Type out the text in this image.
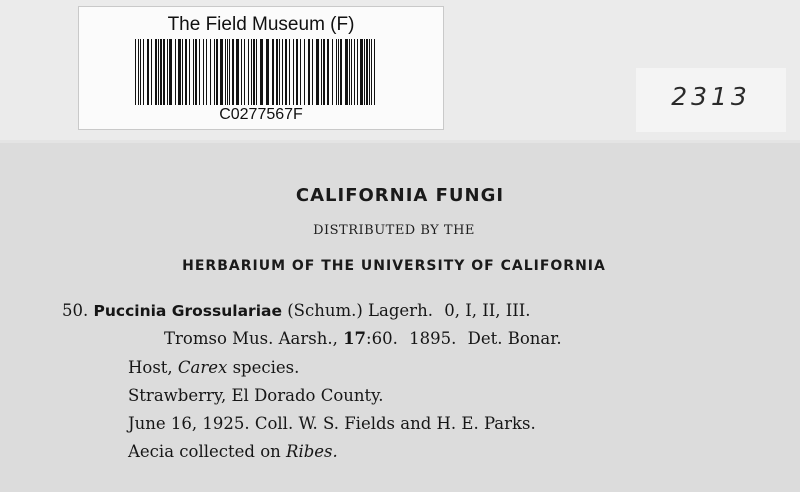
The Field Museum (F)
C0277567F
2313
CALIFORNIA FUNGI
DISTRIBUTED BY THE
HERBARIUM OF THE UNIVERSITY OF CALIFORNIA
50. Puccinia Grossulariae (Schum.) Lagerh. 0, I, II, III.
Tromso Mus. Aarsh., 17:60. 1895. Det. Bonar.
Host, Carex species.
Strawberry, El Dorado County.
June 16, 1925. Coll. W. S. Fields and H. E. Parks.
Aecia collected on Ribes.
